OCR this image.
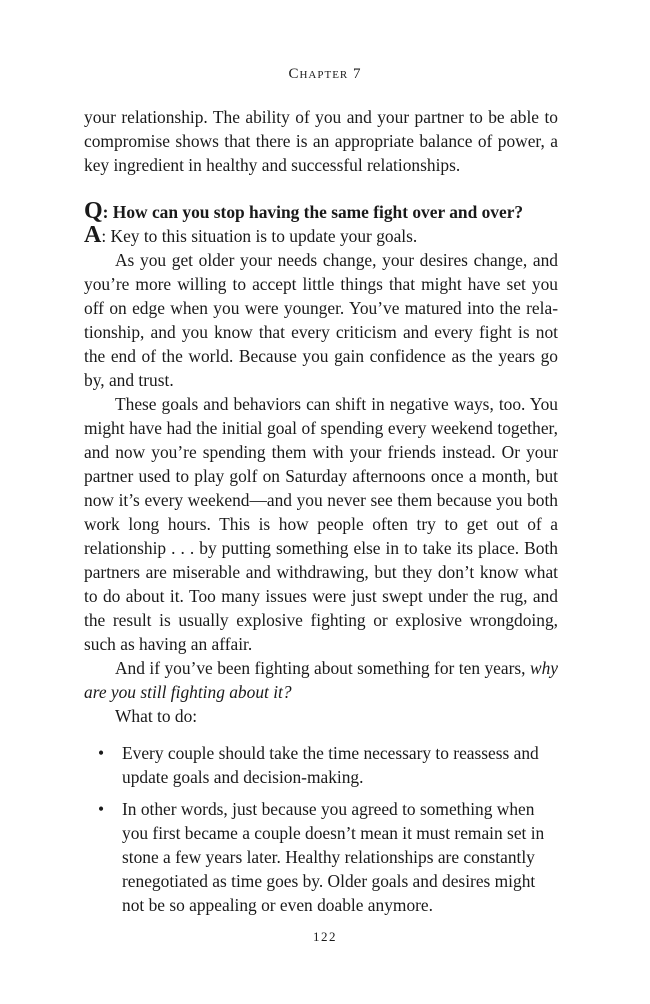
Chapter 7

your relationship. The ability of you and your partner to be able to compromise shows that there is an appropriate balance of power, a key ingredient in healthy and successful relationships.

Q: How can you stop having the same fight over and over?

A: Key to this situation is to update your goals.

As you get older your needs change, your desires change, and you’re more willing to accept little things that might have set you off on edge when you were younger. You’ve matured into the relationship, and you know that every criticism and every fight is not the end of the world. Because you gain confidence as the years go by, and trust.

These goals and behaviors can shift in negative ways, too. You might have had the initial goal of spending every weekend together, and now you’re spending them with your friends instead. Or your partner used to play golf on Saturday afternoons once a month, but now it’s every weekend—and you never see them because you both work long hours. This is how people often try to get out of a relationship . . . by putting something else in to take its place. Both partners are miserable and withdrawing, but they don’t know what to do about it. Too many issues were just swept under the rug, and the result is usually explosive fighting or explosive wrongdoing, such as having an affair.

And if you’ve been fighting about something for ten years, why are you still fighting about it?

What to do:

• Every couple should take the time necessary to reassess and update goals and decision-making.
• In other words, just because you agreed to something when you first became a couple doesn’t mean it must remain set in stone a few years later. Healthy relationships are constantly renegotiated as time goes by. Older goals and desires might not be so appealing or even doable anymore.
122
